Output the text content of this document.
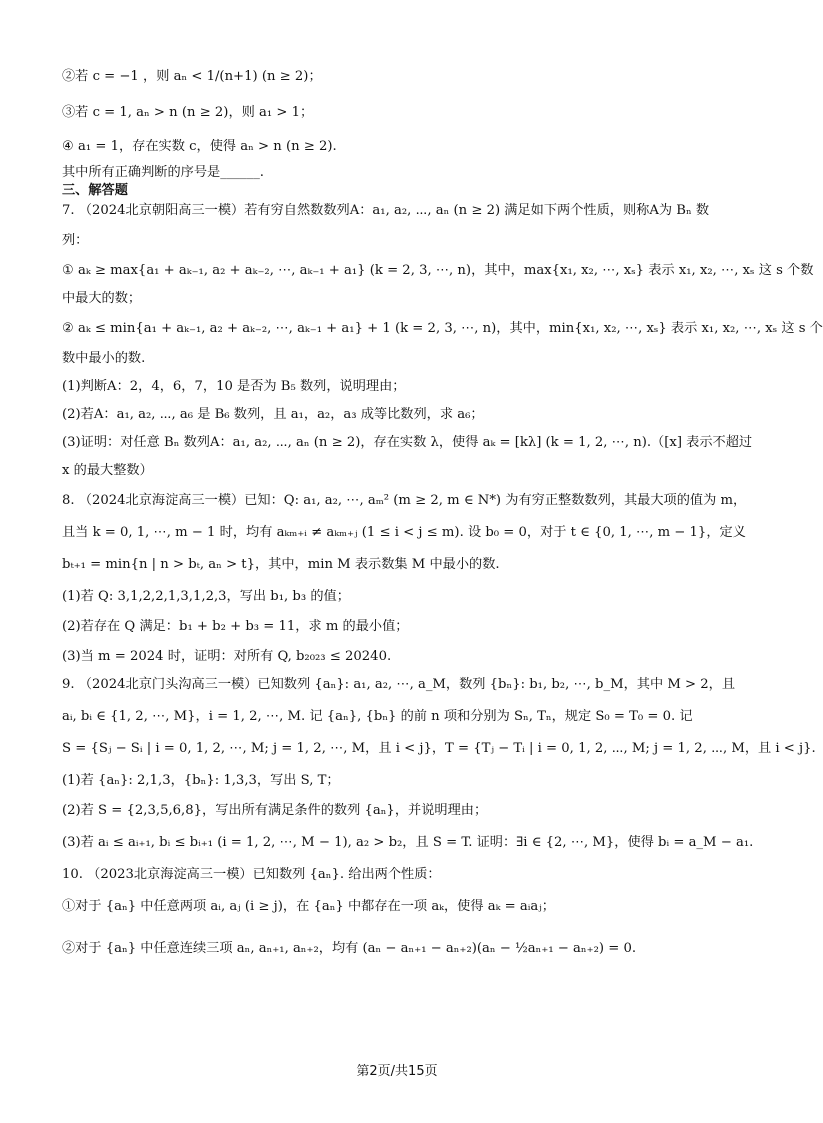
②若 c = −1 ，则 aₙ < 1/(n+1) (n ≥ 2)；
③若 c = 1, aₙ > n (n ≥ 2)，则 a₁ > 1；
④ a₁ = 1，存在实数 c，使得 aₙ > n (n ≥ 2).
其中所有正确判断的序号是______.
三、解答题
7. （2024北京朝阳高三一模）若有穷自然数数列A：a₁, a₂, ⋯, aₙ (n ≥ 2) 满足如下两个性质，则称A为 Bₙ 数
列：
① aₖ ≥ max{a₁ + aₖ₋₁, a₂ + aₖ₋₂, ⋯, aₖ₋₁ + a₁} (k = 2, 3, ⋯, n)，其中，max{x₁, x₂, ⋯, xₛ} 表示 x₁, x₂, ⋯, xₛ 这 s 个数
中最大的数；
② aₖ ≤ min{a₁ + aₖ₋₁, a₂ + aₖ₋₂, ⋯, aₖ₋₁ + a₁} + 1 (k = 2, 3, ⋯, n)，其中，min{x₁, x₂, ⋯, xₛ} 表示 x₁, x₂, ⋯, xₛ 这 s 个
数中最小的数.
(1)判断A：2，4，6，7，10 是否为 B₅ 数列，说明理由；
(2)若A：a₁, a₂, ⋯, a₆ 是 B₆ 数列，且 a₁，a₂，a₃ 成等比数列，求 a₆；
(3)证明：对任意 Bₙ 数列A：a₁, a₂, ⋯, aₙ (n ≥ 2)，存在实数 λ，使得 aₖ = [kλ] (k = 1, 2, ⋯, n).（[x] 表示不超过
x 的最大整数）
8. （2024北京海淀高三一模）已知：Q: a₁, a₂, ⋯, aₘ² (m ≥ 2, m ∈ N*) 为有穷正整数数列，其最大项的值为 m，
且当 k = 0, 1, ⋯, m − 1 时，均有 aₖₘ₊ᵢ ≠ aₖₘ₊ⱼ (1 ≤ i < j ≤ m). 设 b₀ = 0，对于 t ∈ {0, 1, ⋯, m − 1}，定义
bₜ₊₁ = min{n | n > bₜ, aₙ > t}，其中，min M 表示数集 M 中最小的数.
(1)若 Q: 3,1,2,2,1,3,1,2,3，写出 b₁, b₃ 的值；
(2)若存在 Q 满足：b₁ + b₂ + b₃ = 11，求 m 的最小值；
(3)当 m = 2024 时，证明：对所有 Q, b₂₀₂₃ ≤ 20240.
9. （2024北京门头沟高三一模）已知数列 {aₙ}: a₁, a₂, ⋯, a_M，数列 {bₙ}: b₁, b₂, ⋯, b_M，其中 M > 2，且
aᵢ, bᵢ ∈ {1, 2, ⋯, M}，i = 1, 2, ⋯, M. 记 {aₙ}, {bₙ} 的前 n 项和分别为 Sₙ, Tₙ，规定 S₀ = T₀ = 0. 记
S = {Sⱼ − Sᵢ | i = 0, 1, 2, ⋯, M; j = 1, 2, ⋯, M，且 i < j}，T = {Tⱼ − Tᵢ | i = 0, 1, 2, ⋯, M; j = 1, 2, ⋯, M，且 i < j}.
(1)若 {aₙ}: 2,1,3，{bₙ}: 1,3,3，写出 S, T；
(2)若 S = {2,3,5,6,8}，写出所有满足条件的数列 {aₙ}，并说明理由；
(3)若 aᵢ ≤ aᵢ₊₁, bᵢ ≤ bᵢ₊₁ (i = 1, 2, ⋯, M − 1), a₂ > b₂，且 S = T. 证明：∃i ∈ {2, ⋯, M}，使得 bᵢ = a_M − a₁.
10. （2023北京海淀高三一模）已知数列 {aₙ}. 给出两个性质：
①对于 {aₙ} 中任意两项 aᵢ, aⱼ (i ≥ j)，在 {aₙ} 中都存在一项 aₖ，使得 aₖ = aᵢaⱼ；
②对于 {aₙ} 中任意连续三项 aₙ, aₙ₊₁, aₙ₊₂，均有 (aₙ − aₙ₊₁ − aₙ₊₂)(aₙ − ½aₙ₊₁ − aₙ₊₂) = 0.
第2页/共15页
